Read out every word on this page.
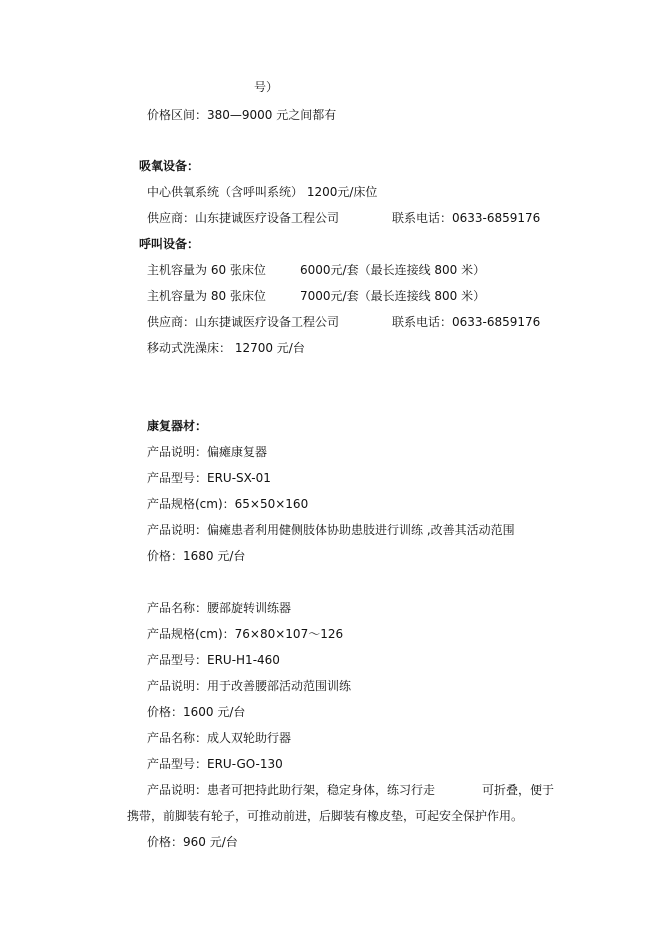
号）
价格区间：380—9000 元之间都有
吸氧设备：
中心供氧系统（含呼叫系统） 1200元/床位
供应商：山东捷诚医疗设备工程公司	联系电话：0633-6859176
呼叫设备：
主机容量为 60 张床位	6000元/套（最长连接线 800 米）
主机容量为 80 张床位	7000元/套（最长连接线 800 米）
供应商：山东捷诚医疗设备工程公司	联系电话：0633-6859176
移动式洗澡床： 12700 元/台
康复器材：
产品说明：偏瘫康复器
产品型号：ERU-SX-01
产品规格(cm)：65×50×160
产品说明：偏瘫患者利用健侧肢体协助患肢进行训练 ,改善其活动范围
价格：1680 元/台
产品名称：腰部旋转训练器
产品规格(cm)：76×80×107～126
产品型号：ERU-H1-460
产品说明：用于改善腰部活动范围训练
价格：1600 元/台
产品名称：成人双轮助行器
产品型号：ERU-GO-130
产品说明：患者可把持此助行架，稳定身体，练习行走	可折叠，便于
携带，前脚装有轮子，可推动前进，后脚装有橡皮垫，可起安全保护作用。
价格：960 元/台
